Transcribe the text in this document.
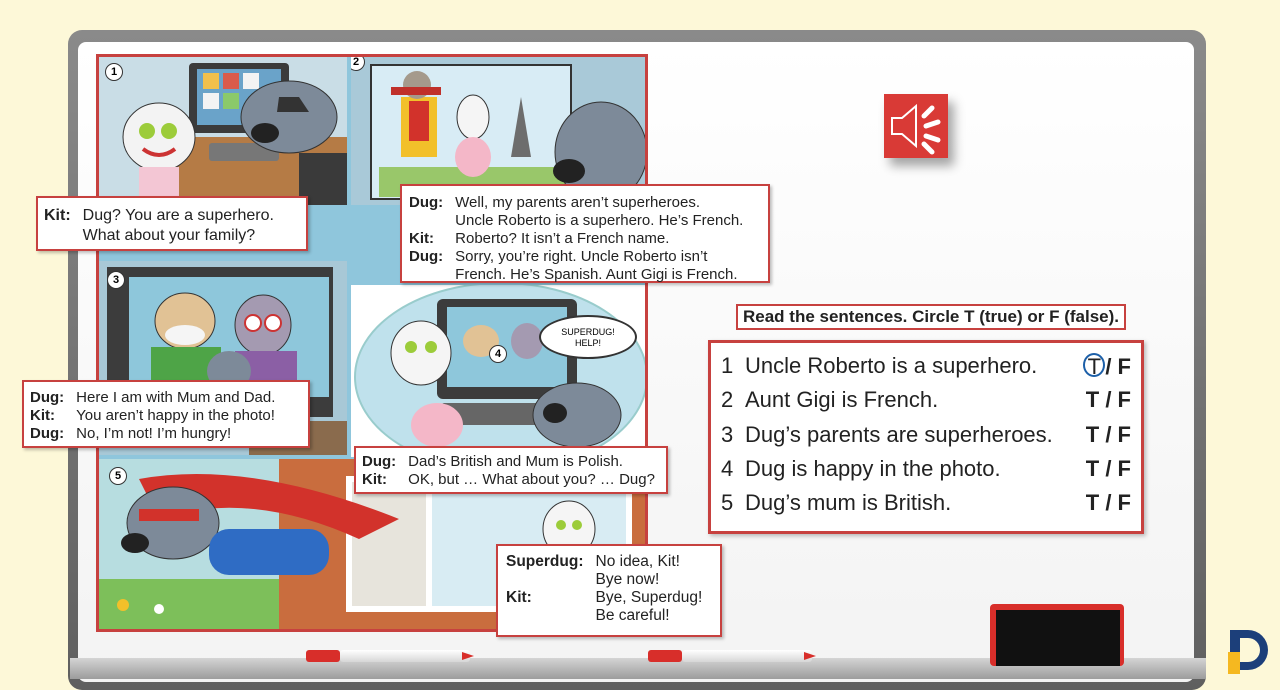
1
2
3
4
SUPERDUG! HELP!
5
Kit:	Dug? You are a superhero.
	What about your family?
Dug:	Well, my parents aren’t superheroes.
	Uncle Roberto is a superhero. He’s French.
Kit:	Roberto? It isn’t a French name.
Dug:	Sorry, you’re right. Uncle Roberto isn’t
	French. He’s Spanish. Aunt Gigi is French.
Dug:	Here I am with Mum and Dad.
Kit:	You aren’t happy in the photo!
Dug:	No, I’m not! I’m hungry!
Dug:	Dad’s British and Mum is Polish.
Kit:	OK, but … What about you? … Dug?
Superdug:	No idea, Kit!
	Bye now!
Kit:	Bye, Superdug!
	Be careful!
Read the sentences. Circle T (true) or F (false).
1 Uncle Roberto is a superhero. T / F
2 Aunt Gigi is French.	T / F
3 Dug’s parents are superheroes. T / F
4 Dug is happy in the photo.	T / F
5 Dug’s mum is British.	T / F
